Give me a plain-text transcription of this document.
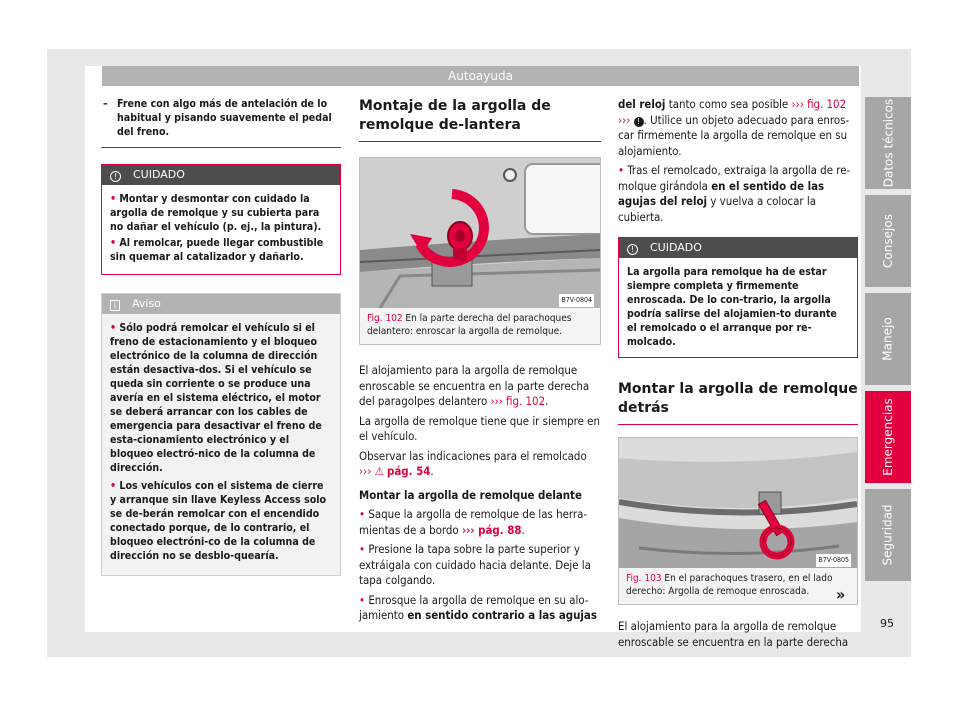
Autoayuda
Datos técnicos
Consejos
Manejo
Emergencias
Seguridad
– Frene con algo más de antelación de lo habitual y pisando suavemente el pedal del freno.
! CUIDADO

• Montar y desmontar con cuidado la argolla de remolque y su cubierta para no dañar el vehículo (p. ej., la pintura).

• Al remolcar, puede llegar combustible sin quemar al catalizador y dañarlo.

i Aviso

• Sólo podrá remolcar el vehículo si el freno de estacionamiento y el bloqueo electrónico de la columna de dirección están desactiva-dos. Si el vehículo se queda sin corriente o se produce una avería en el sistema eléctrico, el motor se deberá arrancar con los cables de emergencia para desactivar el freno de esta-cionamiento electrónico y el bloqueo electró-nico de la columna de dirección.

• Los vehículos con el sistema de cierre y arranque sin llave Keyless Access solo se de-berán remolcar con el encendido conectado porque, de lo contrario, el bloqueo electróni-co de la columna de dirección no se desblo-quearía.

Montaje de la argolla de remolque de-lantera
B7V-0804
Fig. 102 En la parte derecha del parachoques delantero: enroscar la argolla de remolque.

El alojamiento para la argolla de remolque enroscable se encuentra en la parte derecha del paragolpes delantero ››› fig. 102.

La argolla de remolque tiene que ir siempre en el vehículo.

Observar las indicaciones para el remolcado ››› ⚠ pág. 54.

Montar la argolla de remolque delante

• Saque la argolla de remolque de las herra-mientas de a bordo ››› pág. 88.

• Presione la tapa sobre la parte superior y extráigala con cuidado hacia delante. Deje la tapa colgando.

• Enrosque la argolla de remolque en su alo-jamiento en sentido contrario a las agujas

del reloj tanto como sea posible ››› fig. 102
››› ! . Utilice un objeto adecuado para enros-car firmemente la argolla de remolque en su alojamiento.

• Tras el remolcado, extraiga la argolla de re-molque girándola en el sentido de las agujas del reloj y vuelva a colocar la cubierta.

! CUIDADO
La argolla para remolque ha de estar siempre completa y firmemente enroscada. De lo con-trario, la argolla podría salirse del alojamien-to durante el remolcado o el arranque por re-molcado.
Montar la argolla de remolque detrás
B7V-0805
Fig. 103 En el parachoques trasero, en el lado derecho: Argolla de remoque enroscada.

El alojamiento para la argolla de remolque enroscable se encuentra en la parte derecha

»
95
